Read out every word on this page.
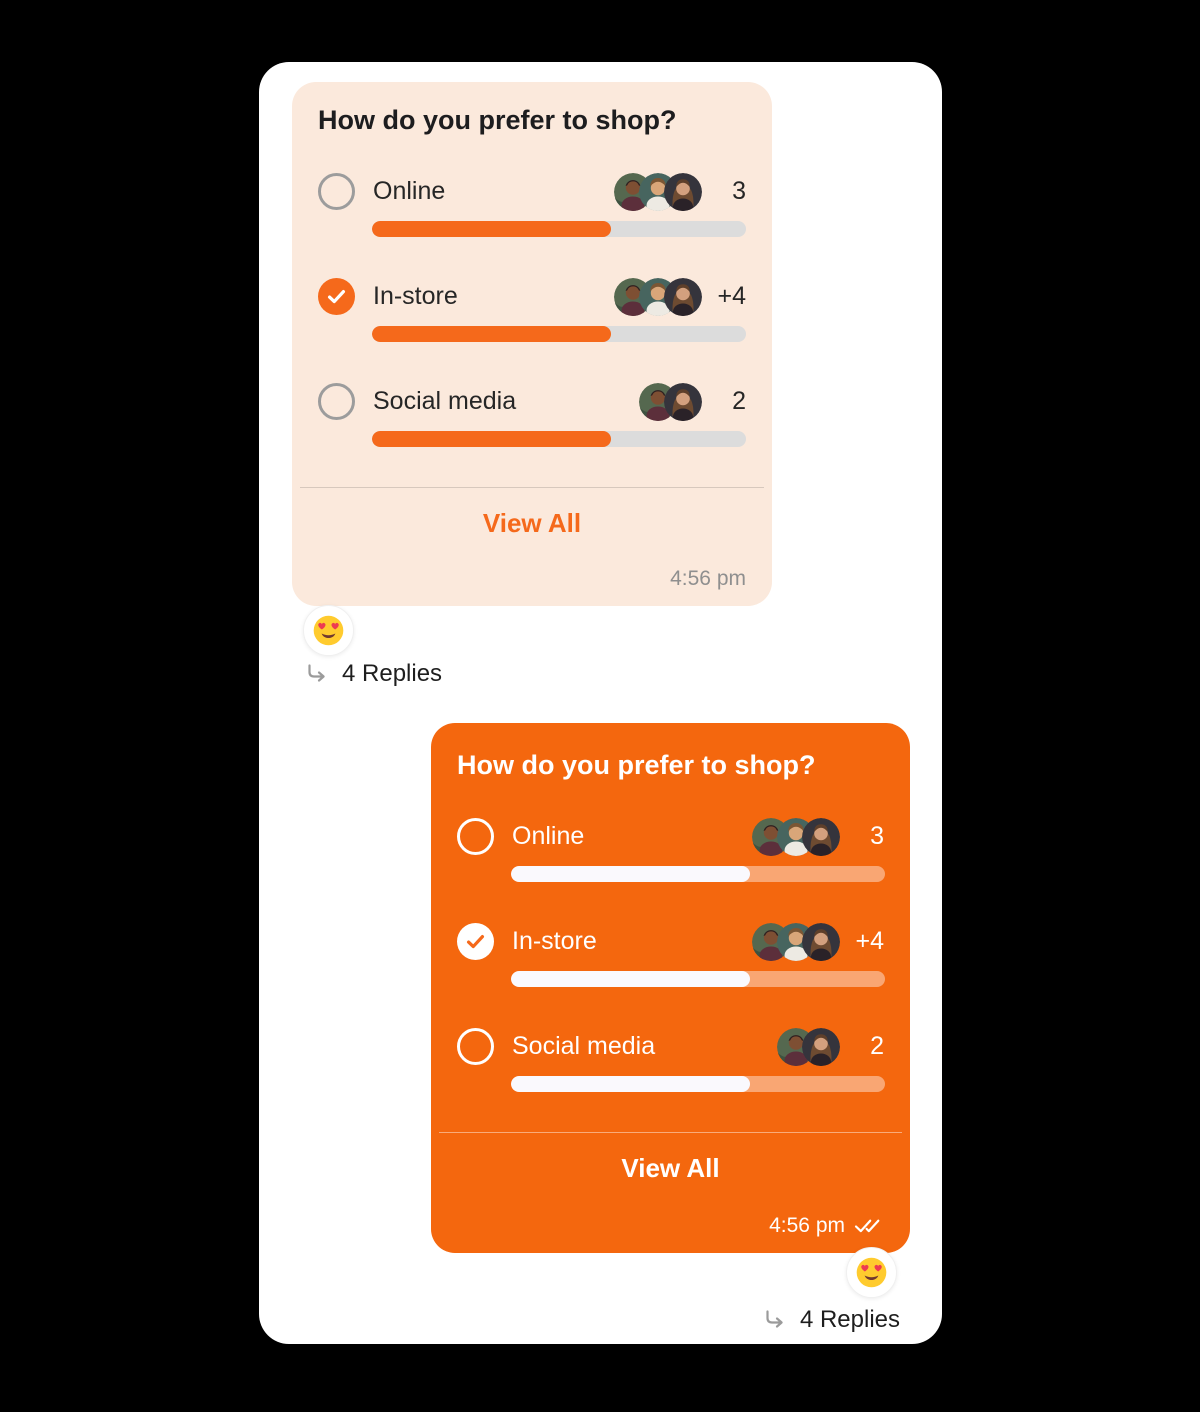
How do you prefer to shop?
Online	3
In-store	+4
Social media	2
View All
4:56 pm
4 Replies
How do you prefer to shop?
Online	3
In-store	+4
Social media	2
View All
4:56 pm
4 Replies
